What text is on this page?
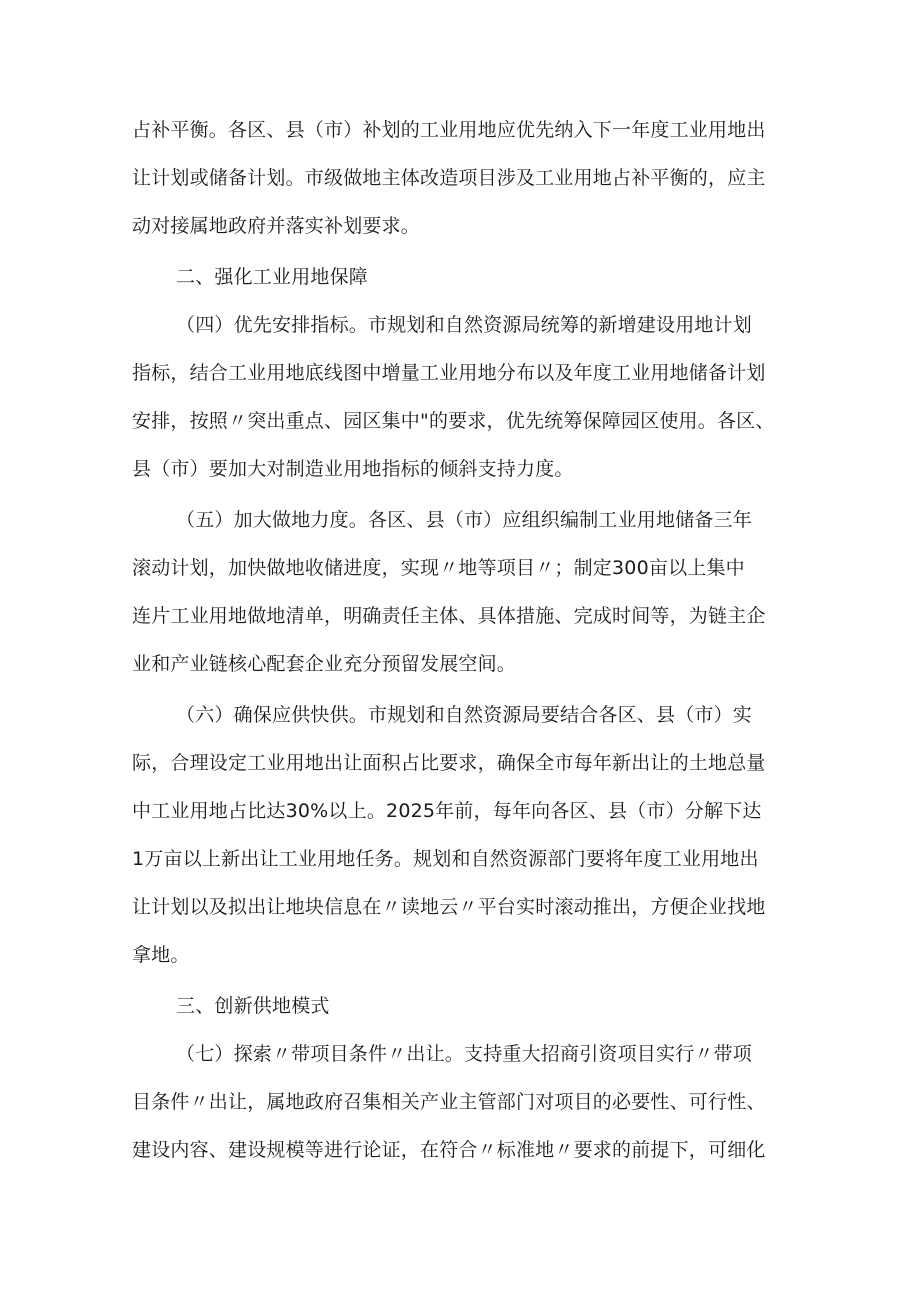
占补平衡。各区、县（市）补划的工业用地应优先纳入下一年度工业用地出
让计划或储备计划。市级做地主体改造项目涉及工业用地占补平衡的，应主
动对接属地政府并落实补划要求。
二、强化工业用地保障
（四）优先安排指标。市规划和自然资源局统筹的新增建设用地计划
指标，结合工业用地底线图中增量工业用地分布以及年度工业用地储备计划
安排，按照〃突出重点、园区集中"的要求，优先统筹保障园区使用。各区、
县（市）要加大对制造业用地指标的倾斜支持力度。
（五）加大做地力度。各区、县（市）应组织编制工业用地储备三年
滚动计划，加快做地收储进度，实现〃地等项目〃；制定300亩以上集中
连片工业用地做地清单，明确责任主体、具体措施、完成时间等，为链主企
业和产业链核心配套企业充分预留发展空间。
（六）确保应供快供。市规划和自然资源局要结合各区、县（市）实
际，合理设定工业用地出让面积占比要求，确保全市每年新出让的土地总量
中工业用地占比达30%以上。2025年前，每年向各区、县（市）分解下达
1万亩以上新出让工业用地任务。规划和自然资源部门要将年度工业用地出
让计划以及拟出让地块信息在〃读地云〃平台实时滚动推出，方便企业找地
拿地。
三、创新供地模式
（七）探索〃带项目条件〃出让。支持重大招商引资项目实行〃带项
目条件〃出让，属地政府召集相关产业主管部门对项目的必要性、可行性、
建设内容、建设规模等进行论证，在符合〃标准地〃要求的前提下，可细化
